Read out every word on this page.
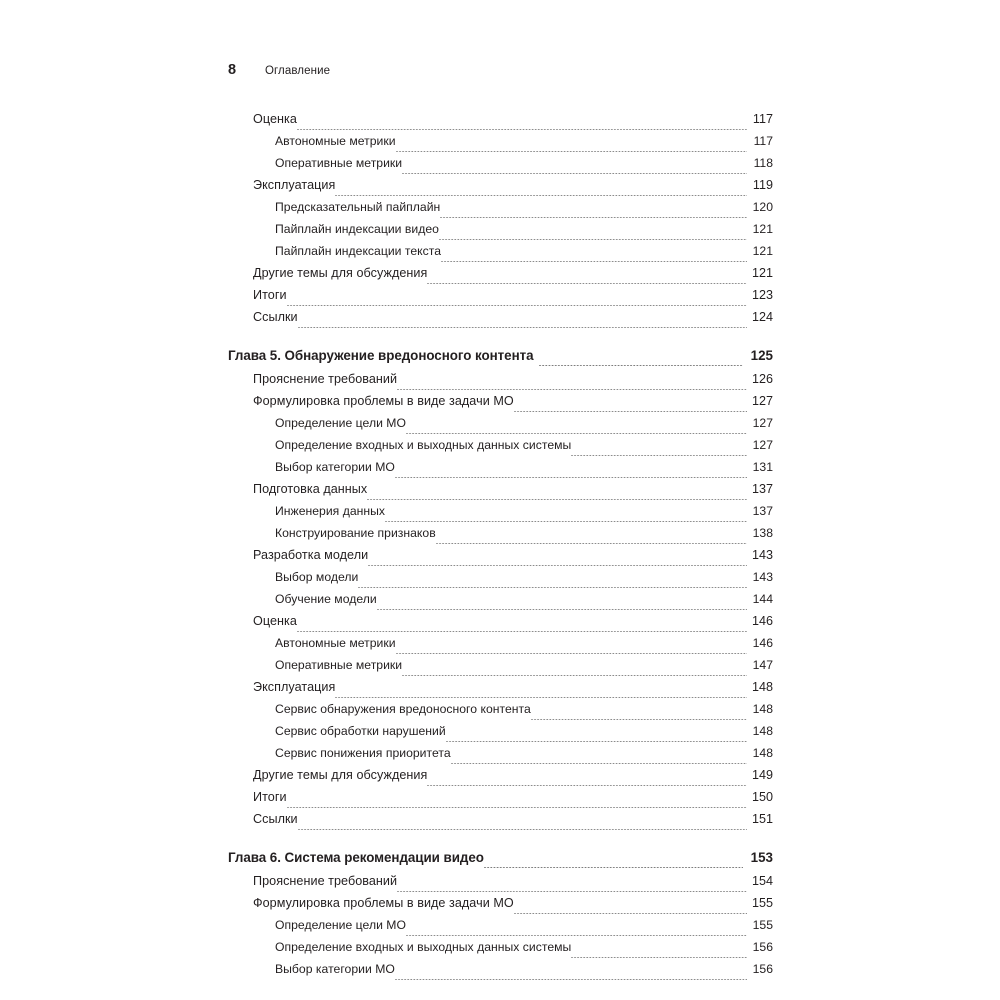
8	Оглавление
Оценка	117
Автономные метрики	117
Оперативные метрики	118
Эксплуатация	119
Предсказательный пайплайн	120
Пайплайн индексации видео	121
Пайплайн индексации текста	121
Другие темы для обсуждения	121
Итоги	123
Ссылки	124
Глава 5. Обнаружение вредоносного контента	125
Прояснение требований	126
Формулировка проблемы в виде задачи МО	127
Определение цели МО	127
Определение входных и выходных данных системы	127
Выбор категории МО	131
Подготовка данных	137
Инженерия данных	137
Конструирование признаков	138
Разработка модели	143
Выбор модели	143
Обучение модели	144
Оценка	146
Автономные метрики	146
Оперативные метрики	147
Эксплуатация	148
Сервис обнаружения вредоносного контента	148
Сервис обработки нарушений	148
Сервис понижения приоритета	148
Другие темы для обсуждения	149
Итоги	150
Ссылки	151
Глава 6. Система рекомендации видео	153
Прояснение требований	154
Формулировка проблемы в виде задачи МО	155
Определение цели МО	155
Определение входных и выходных данных системы	156
Выбор категории МО	156
